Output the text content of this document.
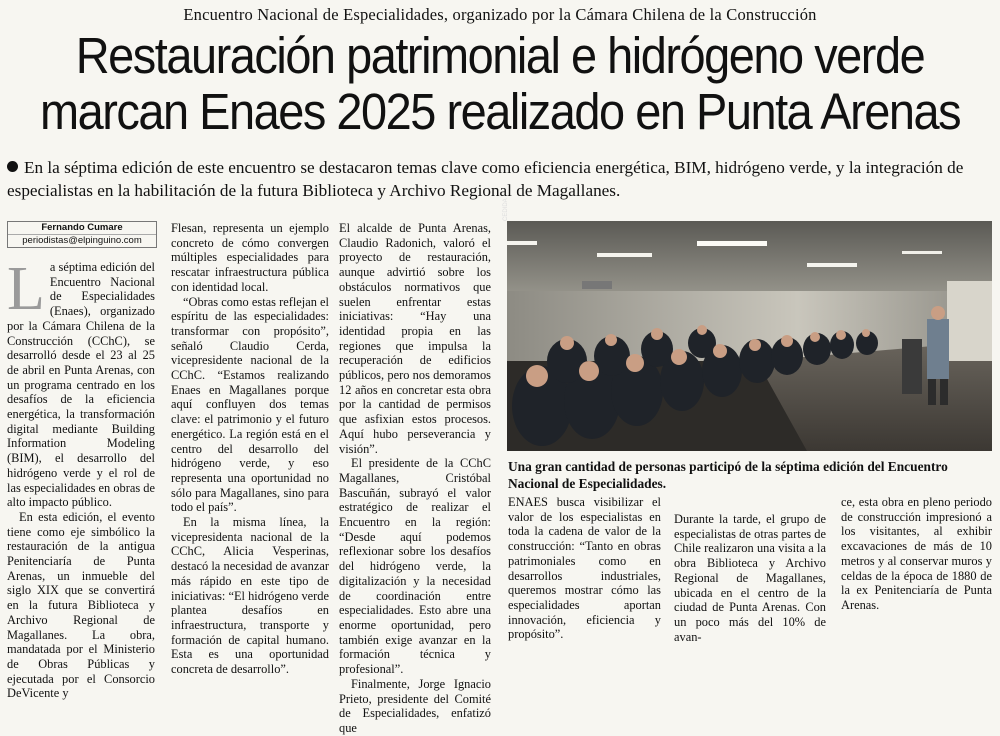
Encuentro Nacional de Especialidades, organizado por la Cámara Chilena de la Construcción
Restauración patrimonial e hidrógeno verde
marcan Enaes 2025 realizado en Punta Arenas
En la séptima edición de este encuentro se destacaron temas clave como eficiencia energética, BIM, hidrógeno verde, y la integración de especialistas en la habilitación de la futura Biblioteca y Archivo Regional de Magallanes.
Fernando Cumare
periodistas@elpinguino.com
L a séptima edición del Encuentro Nacional de Especialidades (Enaes), organizado por la Cámara Chilena de la Construcción (CChC), se desarrolló desde el 23 al 25 de abril en Punta Arenas, con un programa centrado en los desafíos de la eficiencia energética, la transformación digital mediante Building Information Modeling (BIM), el desarrollo del hidrógeno verde y el rol de las especialidades en obras de alto impacto público.

En esta edición, el evento tiene como eje simbólico la restauración de la antigua Penitenciaría de Punta Arenas, un inmueble del siglo XIX que se convertirá en la futura Biblioteca y Archivo Regional de Magallanes. La obra, mandatada por el Ministerio de Obras Públicas y ejecutada por el Consorcio DeVicente y

Flesan, representa un ejemplo concreto de cómo convergen múltiples especialidades para rescatar infraestructura pública con identidad local.

“Obras como estas reflejan el espíritu de las especialidades: transformar con propósito”, señaló Claudio Cerda, vicepresidente nacional de la CChC. “Estamos realizando Enaes en Magallanes porque aquí confluyen dos temas clave: el patrimonio y el futuro energético. La región está en el centro del desarrollo del hidrógeno verde, y eso representa una oportunidad no sólo para Magallanes, sino para todo el país”.

En la misma línea, la vicepresidenta nacional de la CChC, Alicia Vesperinas, destacó la necesidad de avanzar más rápido en este tipo de iniciativas: “El hidrógeno verde plantea desafíos en infraestructura, transporte y formación de capital humano. Esta es una oportunidad concreta de desarrollo”.

El alcalde de Punta Arenas, Claudio Radonich, valoró el proyecto de restauración, aunque advirtió sobre los obstáculos normativos que suelen enfrentar estas iniciativas: “Hay una identidad propia en las regiones que impulsa la recuperación de edificios públicos, pero nos demoramos 12 años en concretar esta obra por la cantidad de permisos que asfixian estos procesos. Aquí hubo perseverancia y visión”.

El presidente de la CChC Magallanes, Cristóbal Bascuñán, subrayó el valor estratégico de realizar el Encuentro en la región: “Desde aquí podemos reflexionar sobre los desafíos del hidrógeno verde, la digitalización y la necesidad de coordinación entre especialidades. Esto abre una enorme oportunidad, pero también exige avanzar en la formación técnica y profesional”.

Finalmente, Jorge Ignacio Prieto, presidente del Comité de Especialidades, enfatizó que

CEDIDA
Una gran cantidad de personas participó de la séptima edición del Encuentro Nacional de Especialidades.

ENAES busca visibilizar el valor de los especialistas en toda la cadena de valor de la construcción: “Tanto en obras patrimoniales como en desarrollos industriales, queremos mostrar cómo las especialidades aportan innovación, eficiencia y propósito”.

Durante la tarde, el grupo de especialistas de otras partes de Chile realizaron una visita a la obra Biblioteca y Archivo Regional de Magallanes, ubicada en el centro de la ciudad de Punta Arenas. Con un poco más del 10% de avan-

ce, esta obra en pleno periodo de construcción impresionó a los visitantes, al exhibir excavaciones de más de 10 metros y al conservar muros y celdas de la época de 1880 de la ex Penitenciaría de Punta Arenas.
